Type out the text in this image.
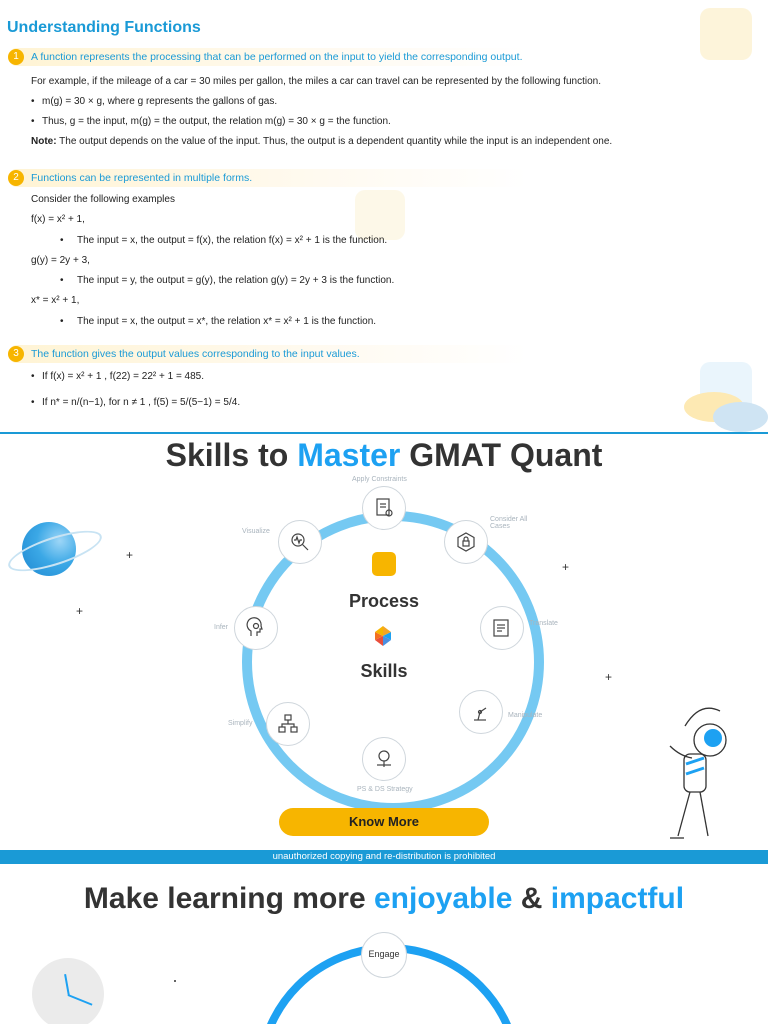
Understanding Functions
1	A function represents the processing that can be performed on the input to yield the corresponding output.
For example, if the mileage of a car = 30 miles per gallon, the miles a car can travel can be represented by the following function.
• m(g) = 30 × g, where g represents the gallons of gas.
• Thus, g = the input, m(g) = the output, the relation m(g) = 30 × g = the function.
Note: The output depends on the value of the input. Thus, the output is a dependent quantity while the input is an independent one.
2	Functions can be represented in multiple forms.
Consider the following examples
f(x) = x² + 1,
• The input = x, the output = f(x), the relation f(x) = x² + 1 is the function.
g(y) = 2y + 3,
• The input = y, the output = g(y), the relation g(y) = 2y + 3 is the function.
x* = x² + 1,
• The input = x, the output = x*, the relation x* = x² + 1 is the function.
3	The function gives the output values corresponding to the input values.
• If f(x) = x² + 1 , f(22) = 22² + 1 = 485.
• If n* = n/(n−1), for n ≠ 1 , f(5) = 5/(5−1) = 5/4.
Skills to Master GMAT Quant
+
+
+
+
Process
Skills
Apply Constraints
Consider All Cases
Translate
Manipulate
PS & DS Strategy
Simplify
Infer
Visualize
Know More
unauthorized copying and re-distribution is prohibited
Make learning more enjoyable & impactful
Engage
